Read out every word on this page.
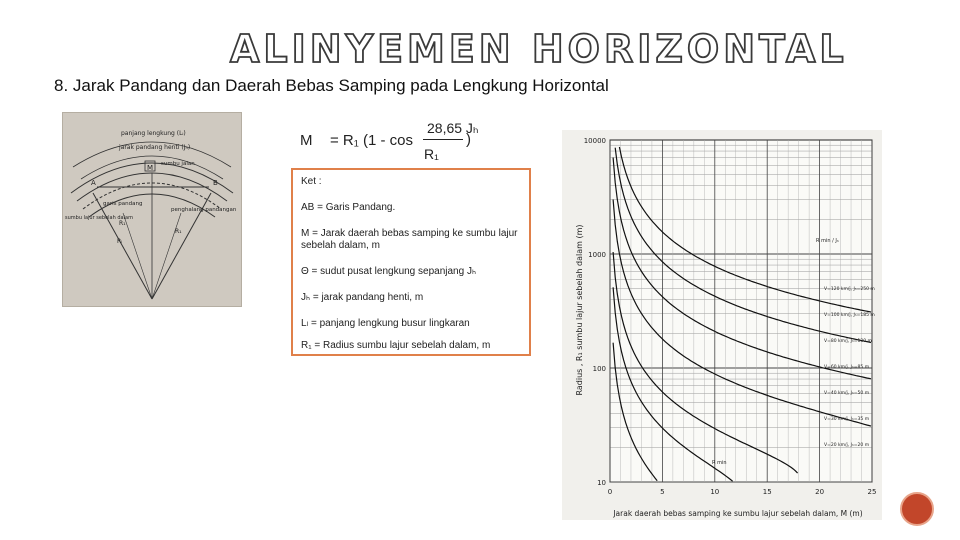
ALINYEMEN HORIZONTAL
8. Jarak Pandang dan Daerah Bebas Samping pada Lengkung Horizontal
M
panjang lengkung (Lₗ)
jarak pandang henti (Jₕ)
sumbu jalan
A	B
garis pandang
sumbu lajur sebelah dalam
penghalang pandangan
R₁
R₁
Rₗ
M = R₁ (1 - cos
28,65 Jₕ
R₁
)
Ket :
AB = Garis Pandang.
M = Jarak daerah bebas samping ke sumbu lajur sebelah dalam, m
Θ = sudut pusat lengkung sepanjang Jₕ
Jₕ = jarak pandang henti, m
Lₗ = panjang lengkung busur lingkaran
R₁ = Radius sumbu lajur sebelah dalam, m	Radius , R₁ sumbu lajur sebelah dalam (m)
Jarak daerah bebas samping ke sumbu lajur sebelah dalam, M (m)
10000
1000
100
10
0	5	10	15	20	25
V=120 km/j, Jₕ=250 m
V=100 km/j, Jₕ=185 m
V=80 km/j, Jₕ=130 m
V=60 km/j, Jₕ=85 m
V=40 km/j, Jₕ=50 m
V=30 km/j, Jₕ=35 m
V=20 km/j, Jₕ=20 m
R min / Jₕ
R min
